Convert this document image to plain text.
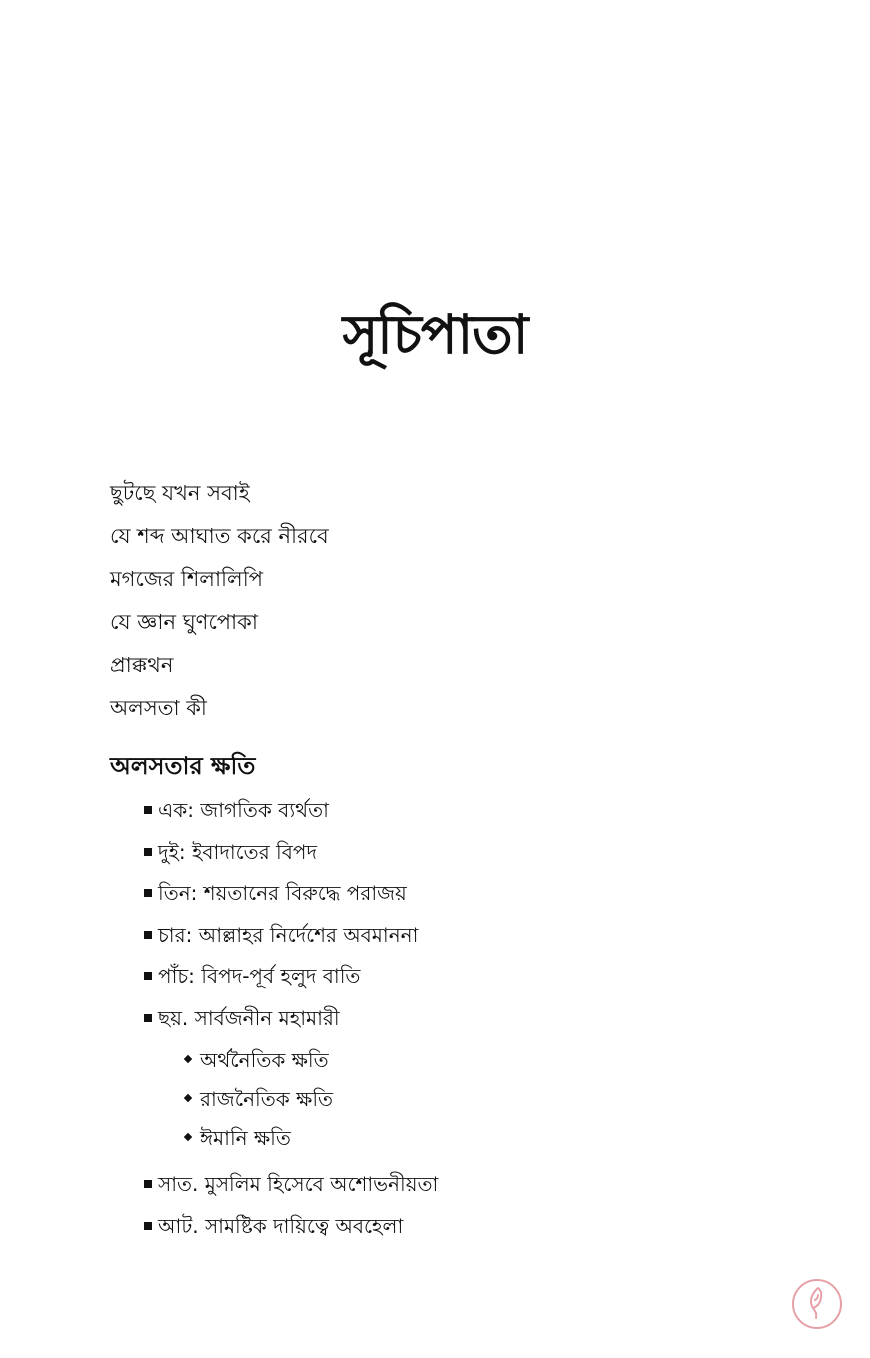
সূচিপাতা
ছুটছে যখন সবাই
যে শব্দ আঘাত করে নীরবে
মগজের শিলালিপি
যে জ্ঞান ঘুণপোকা
প্রাক্কথন
অলসতা কী
অলসতার ক্ষতি
এক: জাগতিক ব্যর্থতা
দুই: ইবাদাতের বিপদ
তিন: শয়তানের বিরুদ্ধে পরাজয়
চার: আল্লাহর নির্দেশের অবমাননা
পাঁচ: বিপদ-পূর্ব হলুদ বাতি
ছয়. সার্বজনীন মহামারী
অর্থনৈতিক ক্ষতি
রাজনৈতিক ক্ষতি
ঈমানি ক্ষতি
সাত. মুসলিম হিসেবে অশোভনীয়তা
আট. সামষ্টিক দায়িত্বে অবহেলা
